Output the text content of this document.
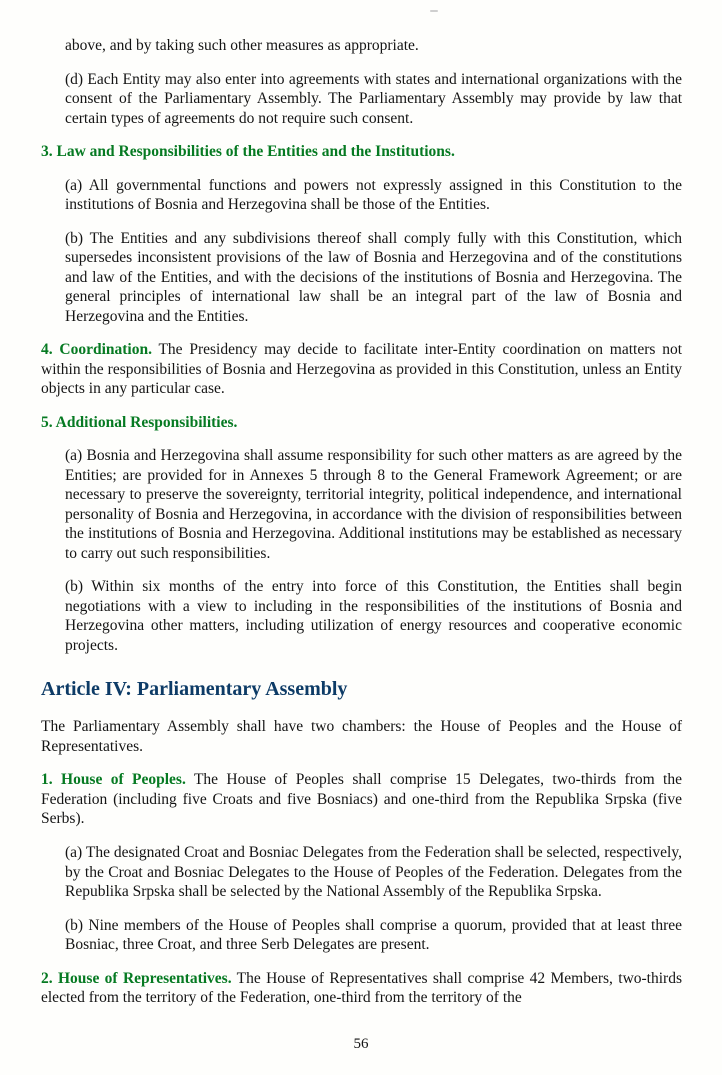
above, and by taking such other measures as appropriate.

(d) Each Entity may also enter into agreements with states and international organizations with the consent of the Parliamentary Assembly. The Parliamentary Assembly may provide by law that certain types of agreements do not require such consent.

3. Law and Responsibilities of the Entities and the Institutions.

(a) All governmental functions and powers not expressly assigned in this Constitution to the institutions of Bosnia and Herzegovina shall be those of the Entities.

(b) The Entities and any subdivisions thereof shall comply fully with this Constitution, which supersedes inconsistent provisions of the law of Bosnia and Herzegovina and of the constitutions and law of the Entities, and with the decisions of the institutions of Bosnia and Herzegovina. The general principles of international law shall be an integral part of the law of Bosnia and Herzegovina and the Entities.

4. Coordination. The Presidency may decide to facilitate inter-Entity coordination on matters not within the responsibilities of Bosnia and Herzegovina as provided in this Constitution, unless an Entity objects in any particular case.

5. Additional Responsibilities.

(a) Bosnia and Herzegovina shall assume responsibility for such other matters as are agreed by the Entities; are provided for in Annexes 5 through 8 to the General Framework Agreement; or are necessary to preserve the sovereignty, territorial integrity, political independence, and international personality of Bosnia and Herzegovina, in accordance with the division of responsibilities between the institutions of Bosnia and Herzegovina. Additional institutions may be established as necessary to carry out such responsibilities.

(b) Within six months of the entry into force of this Constitution, the Entities shall begin negotiations with a view to including in the responsibilities of the institutions of Bosnia and Herzegovina other matters, including utilization of energy resources and cooperative economic projects.

Article IV: Parliamentary Assembly

The Parliamentary Assembly shall have two chambers: the House of Peoples and the House of Representatives.

1. House of Peoples. The House of Peoples shall comprise 15 Delegates, two-thirds from the Federation (including five Croats and five Bosniacs) and one-third from the Republika Srpska (five Serbs).

(a) The designated Croat and Bosniac Delegates from the Federation shall be selected, respectively, by the Croat and Bosniac Delegates to the House of Peoples of the Federation. Delegates from the Republika Srpska shall be selected by the National Assembly of the Republika Srpska.

(b) Nine members of the House of Peoples shall comprise a quorum, provided that at least three Bosniac, three Croat, and three Serb Delegates are present.

2. House of Representatives. The House of Representatives shall comprise 42 Members, two-thirds elected from the territory of the Federation, one-third from the territory of the

56
